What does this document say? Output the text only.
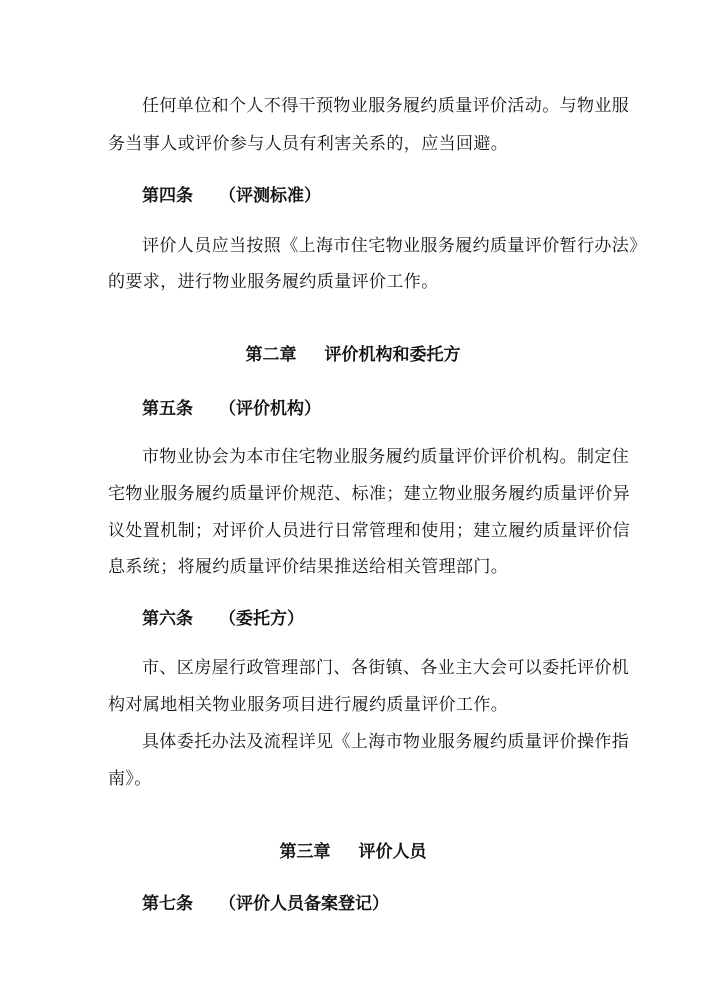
任何单位和个人不得干预物业服务履约质量评价活动。与物业服
务当事人或评价参与人员有利害关系的，应当回避。
第四条 （评测标准）
评价人员应当按照《上海市住宅物业服务履约质量评价暂行办法》
的要求，进行物业服务履约质量评价工作。
第二章 评价机构和委托方
第五条 （评价机构）
市物业协会为本市住宅物业服务履约质量评价评价机构。制定住
宅物业服务履约质量评价规范、标准；建立物业服务履约质量评价异
议处置机制；对评价人员进行日常管理和使用；建立履约质量评价信
息系统；将履约质量评价结果推送给相关管理部门。
第六条 （委托方）
市、区房屋行政管理部门、各街镇、各业主大会可以委托评价机
构对属地相关物业服务项目进行履约质量评价工作。
具体委托办法及流程详见《上海市物业服务履约质量评价操作指
南》。
第三章 评价人员
第七条 （评价人员备案登记）
